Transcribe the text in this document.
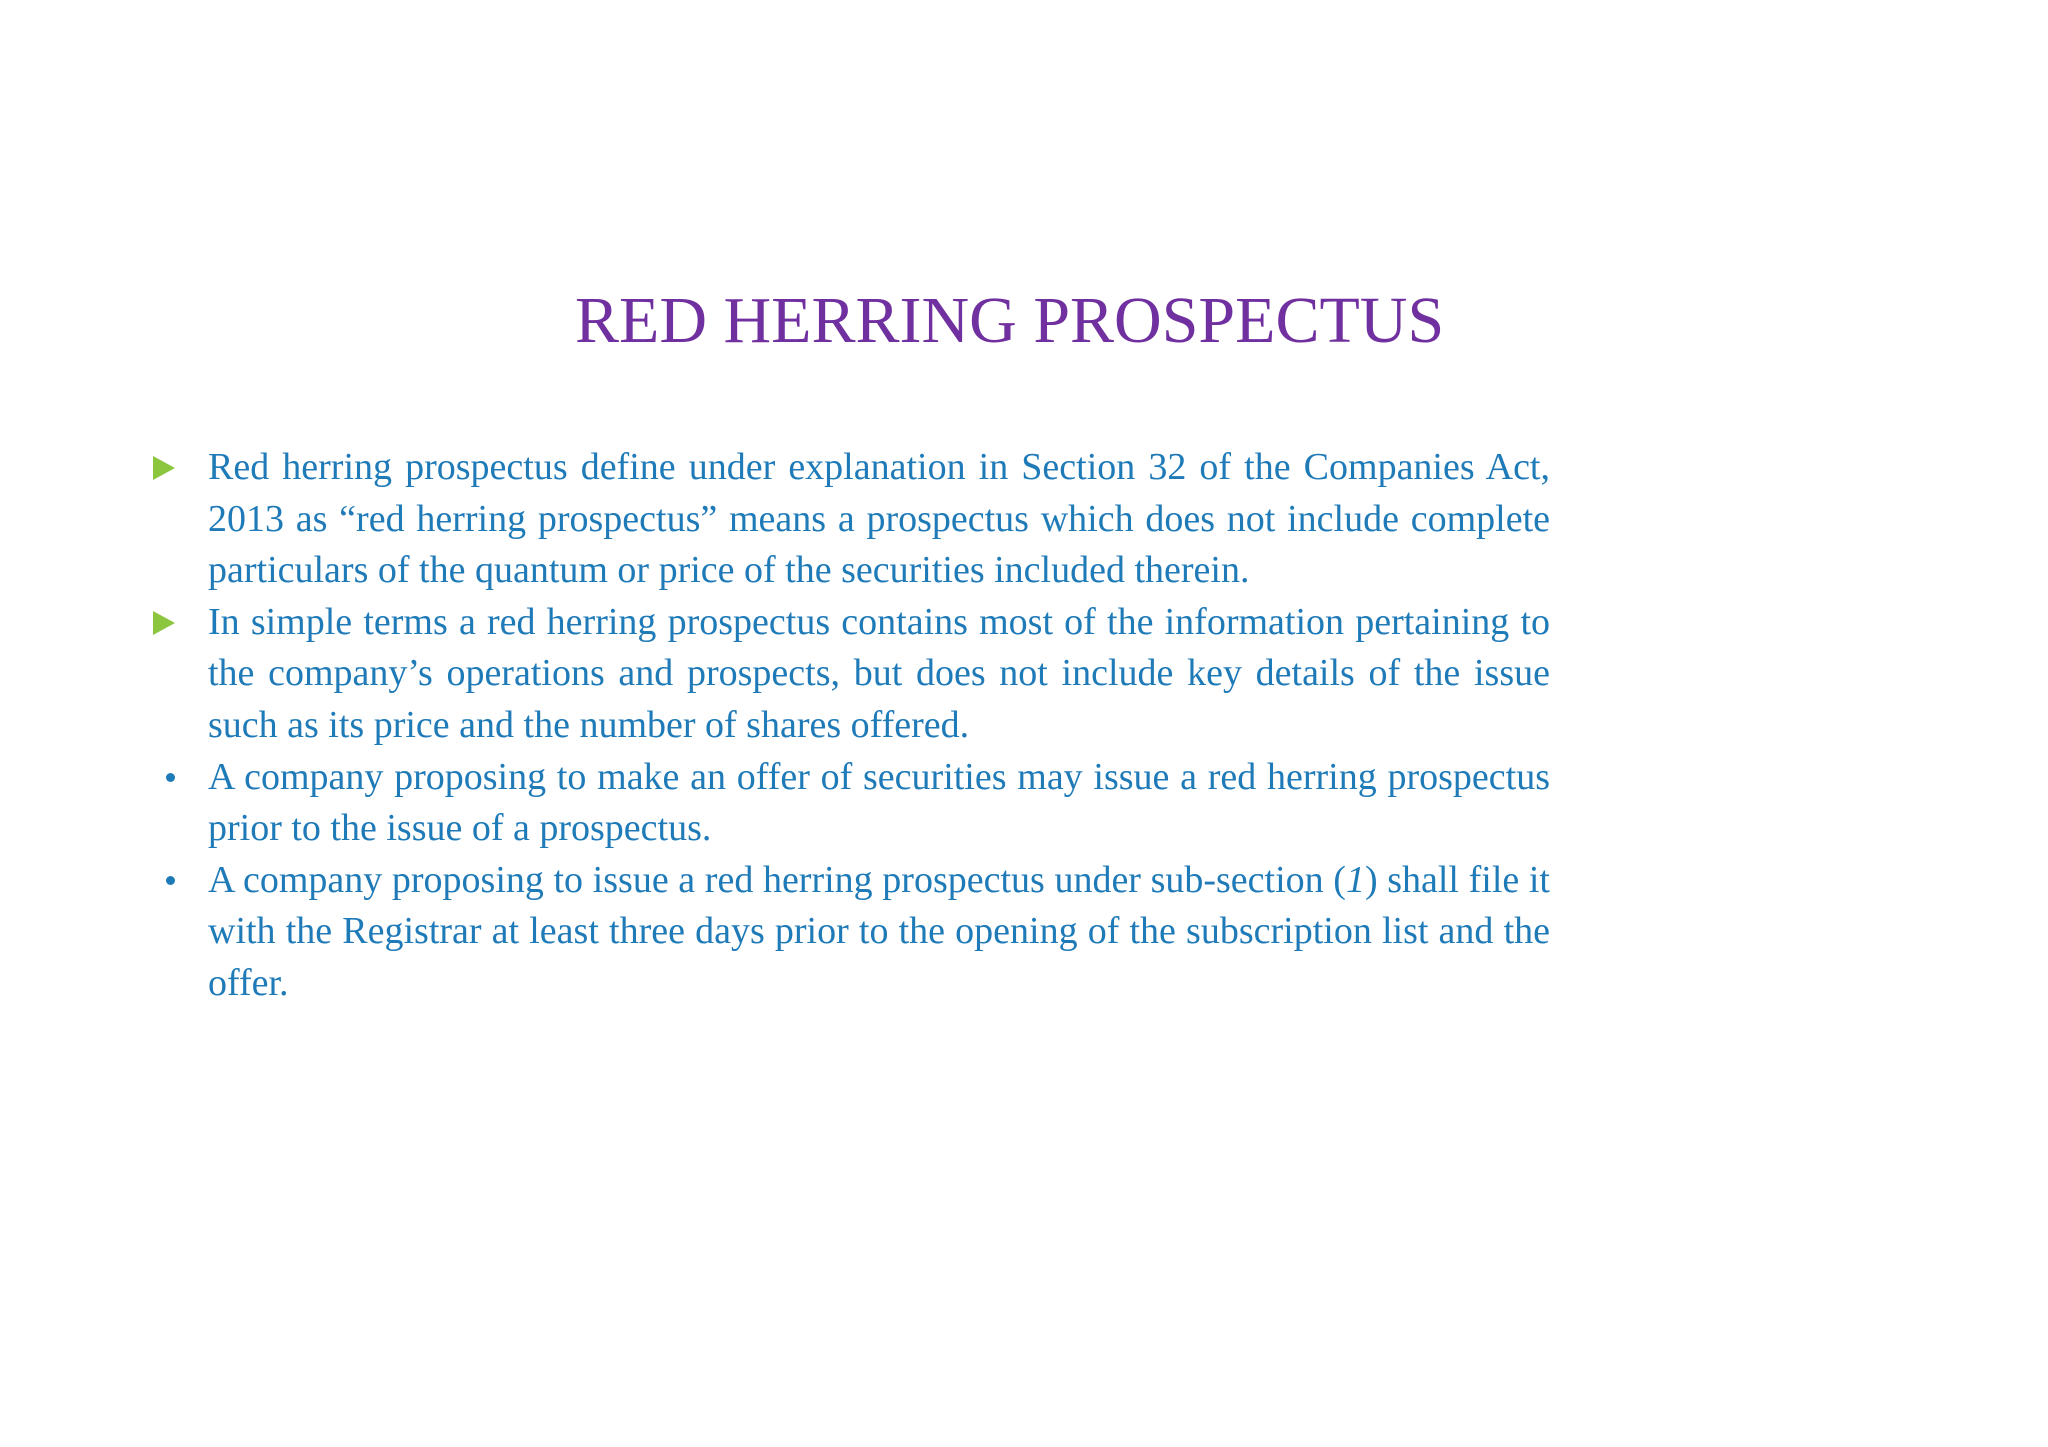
RED HERRING PROSPECTUS
Red herring prospectus define under explanation in Section 32 of the Companies Act, 2013 as “red herring prospectus” means a prospectus which does not include complete particulars of the quantum or price of the securities included therein.
In simple terms a red herring prospectus contains most of the information pertaining to the company’s operations and prospects, but does not include key details of the issue such as its price and the number of shares offered.
A company proposing to make an offer of securities may issue a red herring prospectus prior to the issue of a prospectus.
A company proposing to issue a red herring prospectus under sub-section (1) shall file it with the Registrar at least three days prior to the opening of the subscription list and the offer.
